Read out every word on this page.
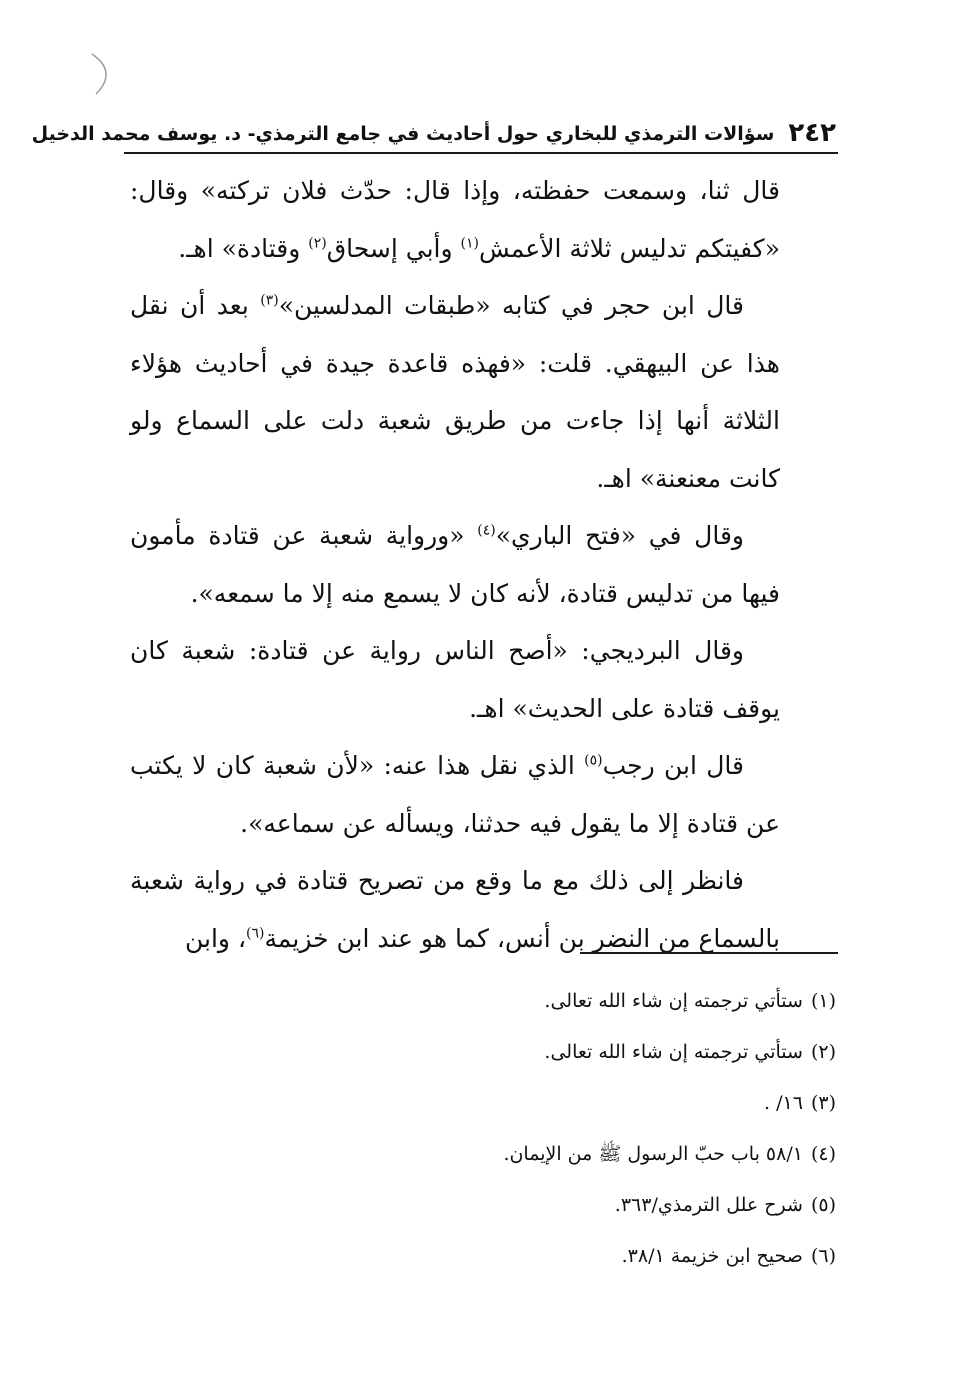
٢٤٢
سؤالات الترمذي للبخاري حول أحاديث في جامع الترمذي- د. يوسف محمد الدخيل

قال ثنا، وسمعت حفظته، وإذا قال: حدّث فلان تركته» وقال: «كفيتكم تدليس ثلاثة الأعمش$^{(١)}$ وأبي إسحاق$^{(٢)}$ وقتادة» اهـ.

قال ابن حجر في كتابه «طبقات المدلسين»$^{(٣)}$ بعد أن نقل هذا عن البيهقي. قلت: «فهذه قاعدة جيدة في أحاديث هؤلاء الثلاثة أنها إذا جاءت من طريق شعبة دلت على السماع ولو كانت معنعنة» اهـ.

وقال في «فتح الباري»$^{(٤)}$ «ورواية شعبة عن قتادة مأمون فيها من تدليس قتادة، لأنه كان لا يسمع منه إلا ما سمعه».

وقال البرديجي: «أصح الناس رواية عن قتادة: شعبة كان يوقف قتادة على الحديث» اهـ.

قال ابن رجب$^{(٥)}$ الذي نقل هذا عنه: «لأن شعبة كان لا يكتب عن قتادة إلا ما يقول فيه حدثنا، ويسأله عن سماعه».

فانظر إلى ذلك مع ما وقع من تصريح قتادة في رواية شعبة بالسماع من النضر بن أنس، كما هو عند ابن خزيمة$^{(٦)}$، وابن

(١)ستأتي ترجمته إن شاء الله تعالى.

(٢)ستأتي ترجمته إن شاء الله تعالى.

(٣)١٦/ .

(٤)٥٨/١ باب حبّ الرسول ﷺ من الإيمان.

(٥)شرح علل الترمذي/٣٦٣.

(٦)صحيح ابن خزيمة ٣٨/١.
